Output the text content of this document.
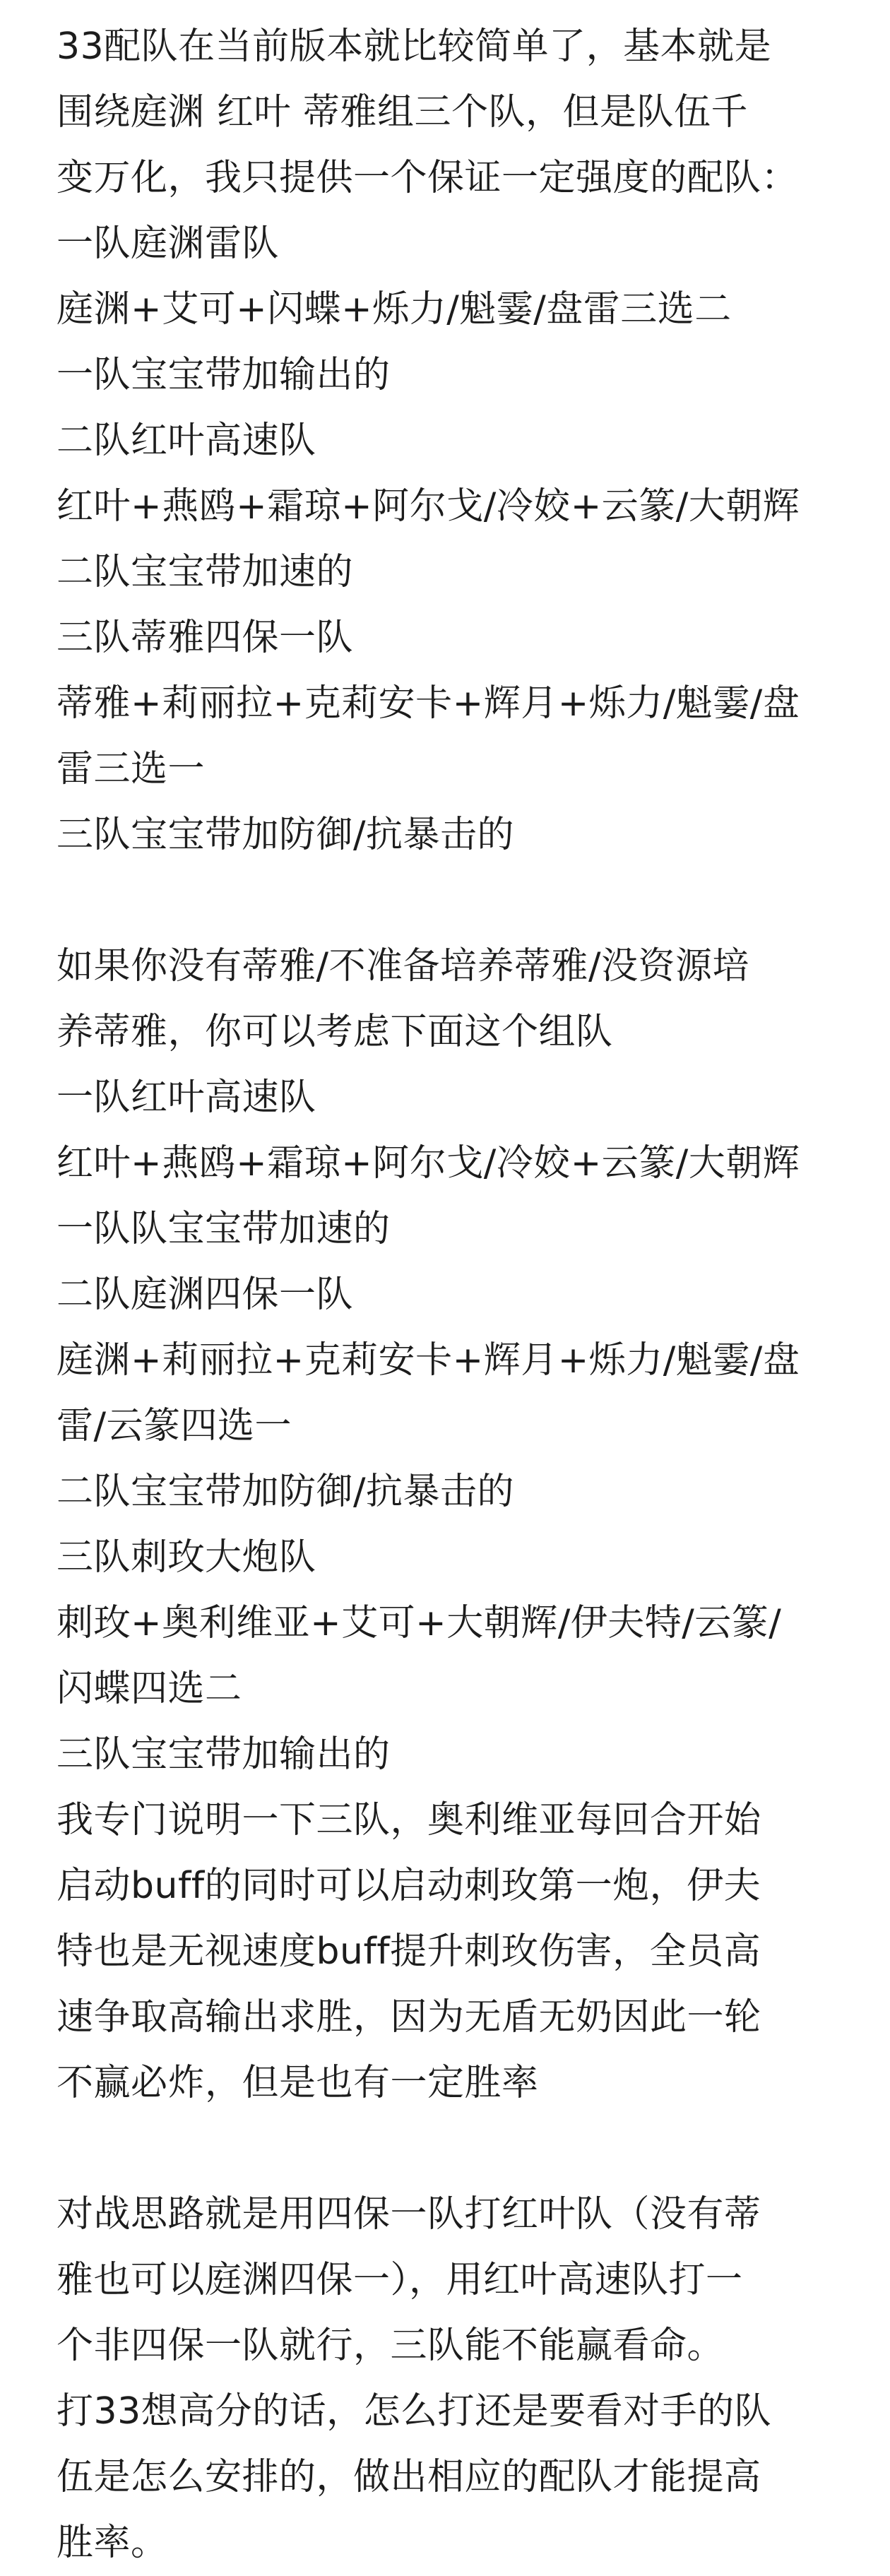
33配队在当前版本就比较简单了，基本就是
围绕庭渊 红叶 蒂雅组三个队，但是队伍千
变万化，我只提供一个保证一定强度的配队：
一队庭渊雷队
庭渊+艾可+闪蝶+烁力/魁霎/盘雷三选二
一队宝宝带加输出的
二队红叶高速队
红叶+燕鸥+霜琼+阿尔戈/冷姣+云篆/大朝辉
二队宝宝带加速的
三队蒂雅四保一队
蒂雅+莉丽拉+克莉安卡+辉月+烁力/魁霎/盘
雷三选一
三队宝宝带加防御/抗暴击的
如果你没有蒂雅/不准备培养蒂雅/没资源培
养蒂雅，你可以考虑下面这个组队
一队红叶高速队
红叶+燕鸥+霜琼+阿尔戈/冷姣+云篆/大朝辉
一队队宝宝带加速的
二队庭渊四保一队
庭渊+莉丽拉+克莉安卡+辉月+烁力/魁霎/盘
雷/云篆四选一
二队宝宝带加防御/抗暴击的
三队刺玫大炮队
刺玫+奥利维亚+艾可+大朝辉/伊夫特/云篆/
闪蝶四选二
三队宝宝带加输出的
我专门说明一下三队，奥利维亚每回合开始
启动buff的同时可以启动刺玫第一炮，伊夫
特也是无视速度buff提升刺玫伤害，全员高
速争取高输出求胜，因为无盾无奶因此一轮
不赢必炸，但是也有一定胜率
对战思路就是用四保一队打红叶队（没有蒂
雅也可以庭渊四保一），用红叶高速队打一
个非四保一队就行，三队能不能赢看命。
打33想高分的话，怎么打还是要看对手的队
伍是怎么安排的，做出相应的配队才能提高
胜率。
